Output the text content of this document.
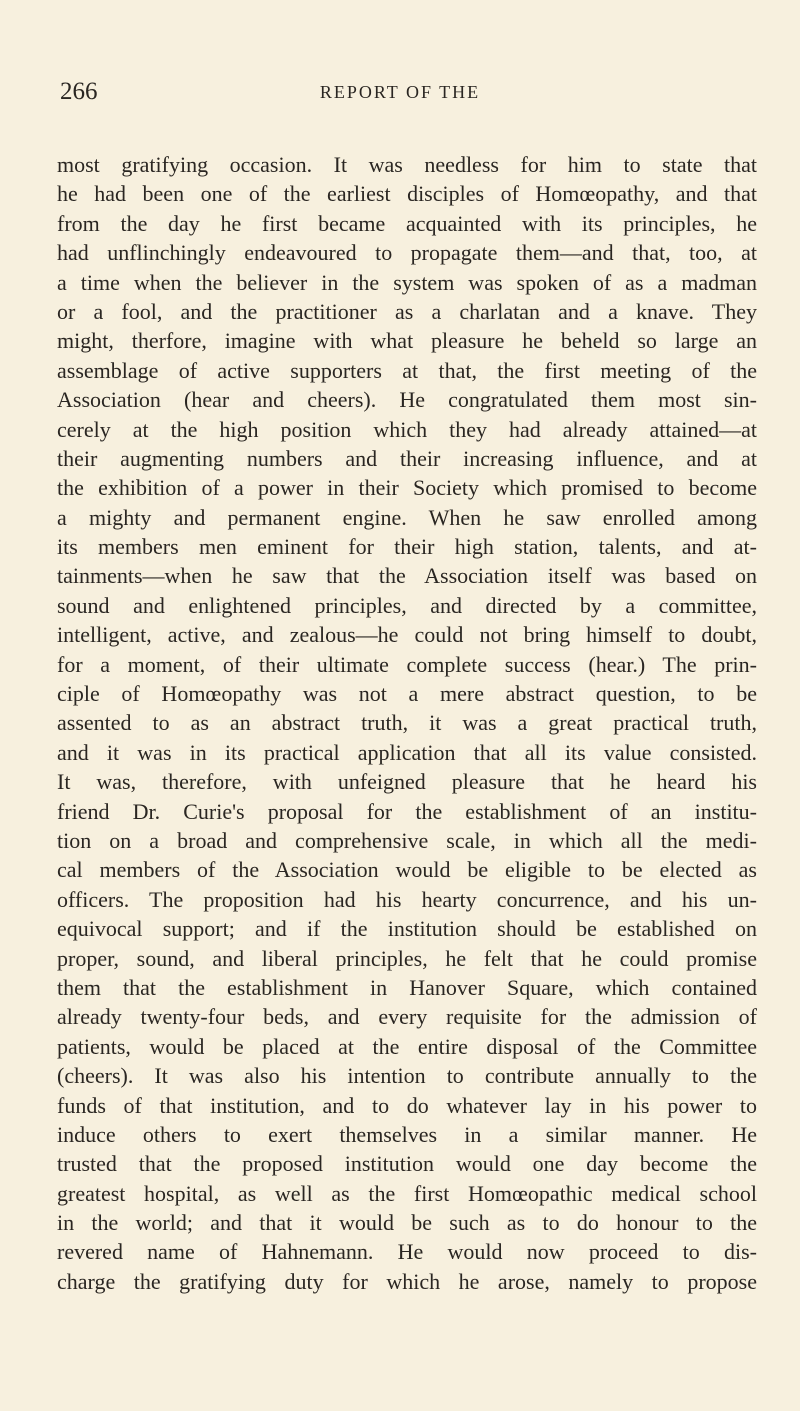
266	REPORT OF THE
most gratifying occasion. It was needless for him to state that
he had been one of the earliest disciples of Homœopathy, and that
from the day he first became acquainted with its principles, he
had unflinchingly endeavoured to propagate them—and that, too, at
a time when the believer in the system was spoken of as a madman
or a fool, and the practitioner as a charlatan and a knave. They
might, therfore, imagine with what pleasure he beheld so large an
assemblage of active supporters at that, the first meeting of the
Association (hear and cheers). He congratulated them most sin-
cerely at the high position which they had already attained—at
their augmenting numbers and their increasing influence, and at
the exhibition of a power in their Society which promised to become
a mighty and permanent engine. When he saw enrolled among
its members men eminent for their high station, talents, and at-
tainments—when he saw that the Association itself was based on
sound and enlightened principles, and directed by a committee,
intelligent, active, and zealous—he could not bring himself to doubt,
for a moment, of their ultimate complete success (hear.) The prin-
ciple of Homœopathy was not a mere abstract question, to be
assented to as an abstract truth, it was a great practical truth,
and it was in its practical application that all its value consisted.
It was, therefore, with unfeigned pleasure that he heard his
friend Dr. Curie's proposal for the establishment of an institu-
tion on a broad and comprehensive scale, in which all the medi-
cal members of the Association would be eligible to be elected as
officers. The proposition had his hearty concurrence, and his un-
equivocal support; and if the institution should be established on
proper, sound, and liberal principles, he felt that he could promise
them that the establishment in Hanover Square, which contained
already twenty-four beds, and every requisite for the admission of
patients, would be placed at the entire disposal of the Committee
(cheers). It was also his intention to contribute annually to the
funds of that institution, and to do whatever lay in his power to
induce others to exert themselves in a similar manner. He
trusted that the proposed institution would one day become the
greatest hospital, as well as the first Homœopathic medical school
in the world; and that it would be such as to do honour to the
revered name of Hahnemann. He would now proceed to dis-
charge the gratifying duty for which he arose, namely to propose
